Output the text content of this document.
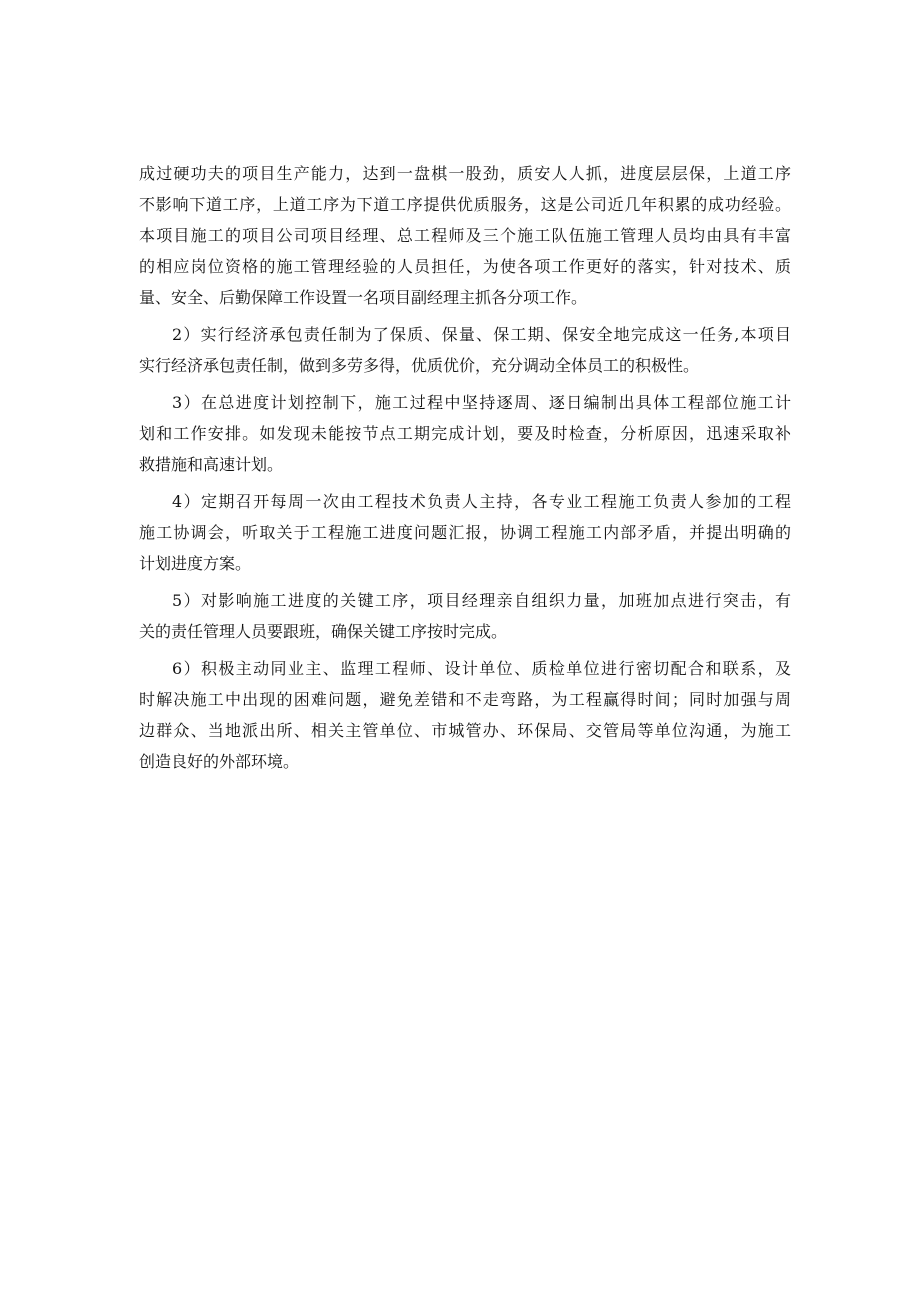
成过硬功夫的项目生产能力，达到一盘棋一股劲，质安人人抓，进度层层保，上道工序
不影响下道工序，上道工序为下道工序提供优质服务，这是公司近几年积累的成功经验。
本项目施工的项目公司项目经理、总工程师及三个施工队伍施工管理人员均由具有丰富
的相应岗位资格的施工管理经验的人员担任，为使各项工作更好的落实，针对技术、质
量、安全、后勤保障工作设置一名项目副经理主抓各分项工作。
2）实行经济承包责任制为了保质、保量、保工期、保安全地完成这一任务,本项目
实行经济承包责任制，做到多劳多得，优质优价，充分调动全体员工的积极性。
3）在总进度计划控制下，施工过程中坚持逐周、逐日编制出具体工程部位施工计
划和工作安排。如发现未能按节点工期完成计划，要及时检查，分析原因，迅速采取补
救措施和高速计划。
4）定期召开每周一次由工程技术负责人主持，各专业工程施工负责人参加的工程
施工协调会，听取关于工程施工进度问题汇报，协调工程施工内部矛盾，并提出明确的
计划进度方案。
5）对影响施工进度的关键工序，项目经理亲自组织力量，加班加点进行突击，有
关的责任管理人员要跟班，确保关键工序按时完成。
6）积极主动同业主、监理工程师、设计单位、质检单位进行密切配合和联系，及
时解决施工中出现的困难问题，避免差错和不走弯路，为工程赢得时间；同时加强与周
边群众、当地派出所、相关主管单位、市城管办、环保局、交管局等单位沟通，为施工
创造良好的外部环境。
